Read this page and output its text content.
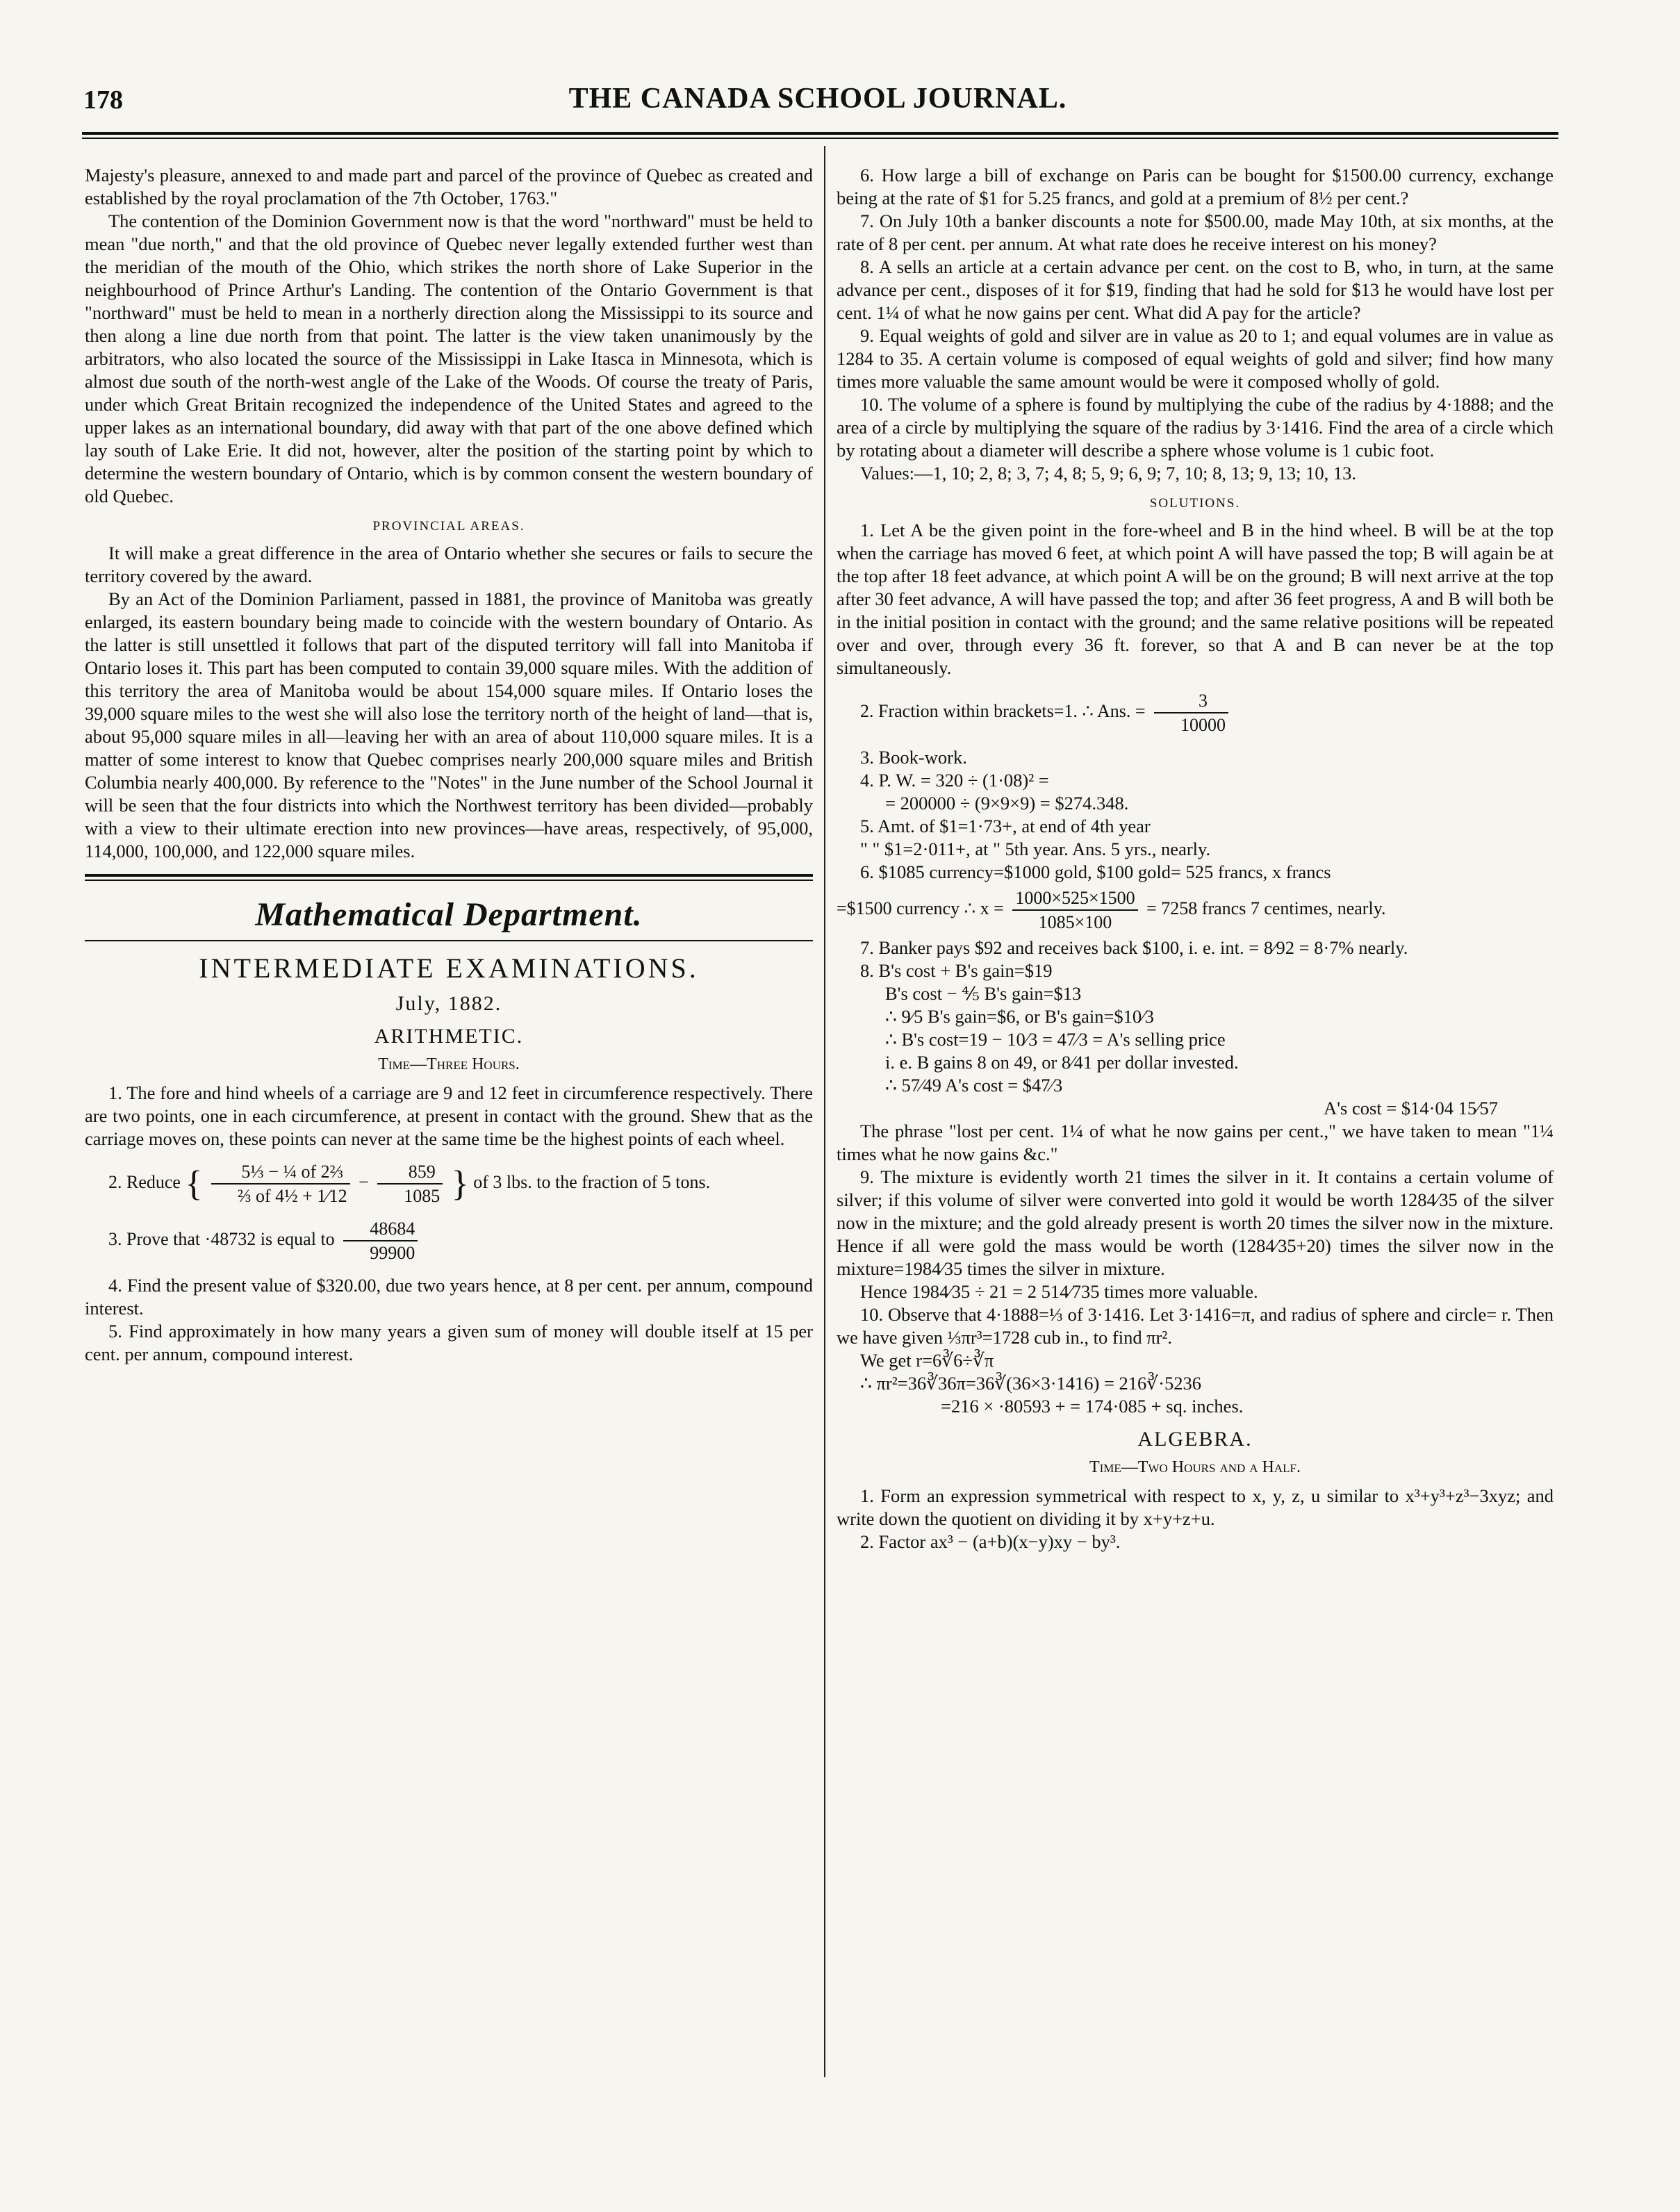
178	THE CANADA SCHOOL JOURNAL.

Majesty's pleasure, annexed to and made part and parcel of the province of Quebec as created and established by the royal proclamation of the 7th October, 1763."

The contention of the Dominion Government now is that the word "northward" must be held to mean "due north," and that the old province of Quebec never legally extended further west than the meridian of the mouth of the Ohio, which strikes the north shore of Lake Superior in the neighbourhood of Prince Arthur's Landing. The contention of the Ontario Government is that "northward" must be held to mean in a northerly direction along the Mississippi to its source and then along a line due north from that point. The latter is the view taken unanimously by the arbitrators, who also located the source of the Mississippi in Lake Itasca in Minnesota, which is almost due south of the north-west angle of the Lake of the Woods. Of course the treaty of Paris, under which Great Britain recognized the independence of the United States and agreed to the upper lakes as an international boundary, did away with that part of the one above defined which lay south of Lake Erie. It did not, however, alter the position of the starting point by which to determine the western boundary of Ontario, which is by common consent the western boundary of old Quebec.

PROVINCIAL AREAS.

It will make a great difference in the area of Ontario whether she secures or fails to secure the territory covered by the award.

By an Act of the Dominion Parliament, passed in 1881, the province of Manitoba was greatly enlarged, its eastern boundary being made to coincide with the western boundary of Ontario. As the latter is still unsettled it follows that part of the disputed territory will fall into Manitoba if Ontario loses it. This part has been computed to contain 39,000 square miles. With the addition of this territory the area of Manitoba would be about 154,000 square miles. If Ontario loses the 39,000 square miles to the west she will also lose the territory north of the height of land—that is, about 95,000 square miles in all—leaving her with an area of about 110,000 square miles. It is a matter of some interest to know that Quebec comprises nearly 200,000 square miles and British Columbia nearly 400,000. By reference to the "Notes" in the June number of the School Journal it will be seen that the four districts into which the Northwest territory has been divided—probably with a view to their ultimate erection into new provinces—have areas, respectively, of 95,000, 114,000, 100,000, and 122,000 square miles.

Mathematical Department.
INTERMEDIATE EXAMINATIONS.
July, 1882.
ARITHMETIC.
Time—Three Hours.

1. The fore and hind wheels of a carriage are 9 and 12 feet in circumference respectively. There are two points, one in each circumference, at present in contact with the ground. Shew that as the carriage moves on, these points can never at the same time be the highest points of each wheel.

2. Reduce { $\frac{\text{5⅓ − ¼ of 2⅔}}{\text{⅔ of 4½ + 1⁄12}} - \frac{859}{1085}$ } of 3 lbs. to the fraction of 5 tons.
3. Prove that ·48732 is equal to $\frac{48684}{99900}$

4. Find the present value of $320.00, due two years hence, at 8 per cent. per annum, compound interest.

5. Find approximately in how many years a given sum of money will double itself at 15 per cent. per annum, compound interest.

6. How large a bill of exchange on Paris can be bought for $1500.00 currency, exchange being at the rate of $1 for 5.25 francs, and gold at a premium of 8½ per cent.?

7. On July 10th a banker discounts a note for $500.00, made May 10th, at six months, at the rate of 8 per cent. per annum. At what rate does he receive interest on his money?

8. A sells an article at a certain advance per cent. on the cost to B, who, in turn, at the same advance per cent., disposes of it for $19, finding that had he sold for $13 he would have lost per cent. 1¼ of what he now gains per cent. What did A pay for the article?

9. Equal weights of gold and silver are in value as 20 to 1; and equal volumes are in value as 1284 to 35. A certain volume is composed of equal weights of gold and silver; find how many times more valuable the same amount would be were it composed wholly of gold.

10. The volume of a sphere is found by multiplying the cube of the radius by 4·1888; and the area of a circle by multiplying the square of the radius by 3·1416. Find the area of a circle which by rotating about a diameter will describe a sphere whose volume is 1 cubic foot.

Values:—1, 10; 2, 8; 3, 7; 4, 8; 5, 9; 6, 9; 7, 10; 8, 13; 9, 13; 10, 13.

SOLUTIONS.

1. Let A be the given point in the fore-wheel and B in the hind wheel. B will be at the top when the carriage has moved 6 feet, at which point A will have passed the top; B will again be at the top after 18 feet advance, at which point A will be on the ground; B will next arrive at the top after 30 feet advance, A will have passed the top; and after 36 feet progress, A and B will both be in the initial position in contact with the ground; and the same relative positions will be repeated over and over, through every 36 ft. forever, so that A and B can never be at the top simultaneously.

2. Fraction within brackets=1. ∴ Ans. = $\frac{3}{10000}$

3. Book-work.

4. P. W. = 320 ÷ (1·08)² =

= 200000 ÷ (9×9×9) = $274.348.

5. Amt. of $1=1·73+, at end of 4th year

" " $1=2·011+, at " 5th year. Ans. 5 yrs., nearly.

6. $1085 currency=$1000 gold, $100 gold= 525 francs, x francs

=$1500 currency ∴ $x = \frac{1000\times 525\times 1500}{1085\times 100} = 7258$ francs 7 centimes, nearly.

7. Banker pays $92 and receives back $100, i. e. int. = 8⁄92 = 8·7% nearly.

8. B's cost + B's gain=$19

B's cost − ⅘ B's gain=$13

∴ 9⁄5 B's gain=$6, or B's gain=$10⁄3

∴ B's cost=19 − 10⁄3 = 47⁄3 = A's selling price

i. e. B gains 8 on 49, or 8⁄41 per dollar invested.

∴ 57⁄49 A's cost = $47⁄3

A's cost = $14·04 15⁄57

The phrase "lost per cent. 1¼ of what he now gains per cent.," we have taken to mean "1¼ times what he now gains &c."

9. The mixture is evidently worth 21 times the silver in it. It contains a certain volume of silver; if this volume of silver were converted into gold it would be worth 1284⁄35 of the silver now in the mixture; and the gold already present is worth 20 times the silver now in the mixture. Hence if all were gold the mass would be worth (1284⁄35+20) times the silver now in the mixture=1984⁄35 times the silver in mixture.

Hence 1984⁄35 ÷ 21 = 2 514⁄735 times more valuable.

10. Observe that 4·1888=⅓ of 3·1416. Let 3·1416=π, and radius of sphere and circle= r. Then we have given ⅓πr³=1728 cub in., to find πr².

We get r=6∛6÷∛π

∴ πr²=36∛36π=36∛(36×3·1416) = 216∛·5236

=216 × ·80593 + = 174·085 + sq. inches.

ALGEBRA.
Time—Two Hours and a Half.

1. Form an expression symmetrical with respect to x, y, z, u similar to x³+y³+z³−3xyz; and write down the quotient on dividing it by x+y+z+u.

2. Factor ax³ − (a+b)(x−y)xy − by³.
